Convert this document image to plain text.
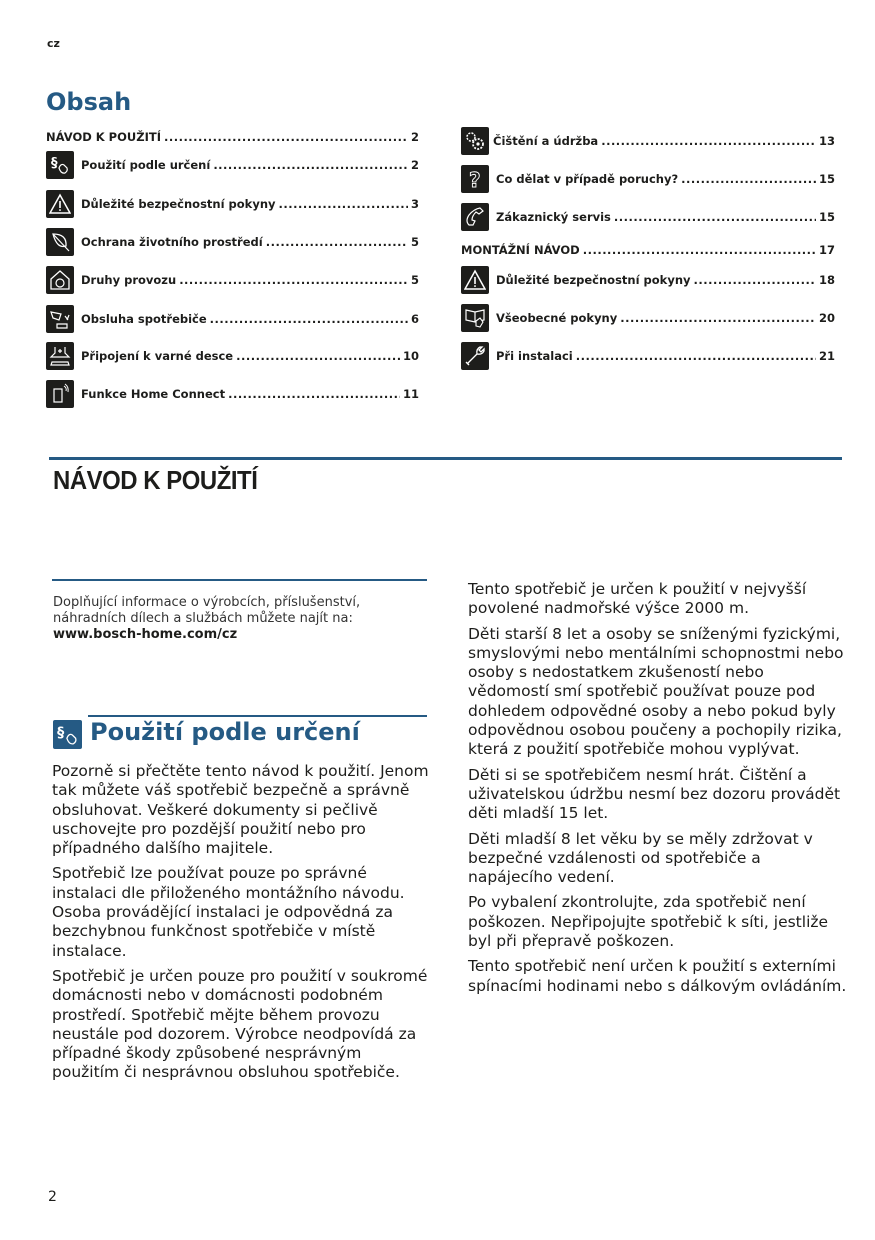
cz
Obsah
NÁVOD K POUŽITÍ .....	2
§ Použití podle určení .....	2
Důležité bezpečnostní pokyny .....	3
Ochrana životního prostředí .....	5
Druhy provozu .....	5
Obsluha spotřebiče .....	6
Připojení k varné desce .....	10
Funkce Home Connect .....	11
Čištění a údržba .....	13
? Co dělat v případě poruchy? .....	15
Zákaznický servis .....	15
MONTÁŽNÍ NÁVOD .....	17
Důležité bezpečnostní pokyny .....	18
Všeobecné pokyny .....	20
Při instalaci .....	21
NÁVOD K POUŽITÍ
Doplňující informace o výrobcích, příslušenství, náhradních dílech a službách můžete najít na: www.bosch-home.com/cz
§ Použití podle určení

Pozorně si přečtěte tento návod k použití. Jenom tak můžete váš spotřebič bezpečně a správně obsluhovat. Veškeré dokumenty si pečlivě uschovejte pro pozdější použití nebo pro případného dalšího majitele.

Spotřebič lze používat pouze po správné instalaci dle přiloženého montážního návodu. Osoba provádějící instalaci je odpovědná za bezchybnou funkčnost spotřebiče v místě instalace.

Spotřebič je určen pouze pro použití v soukromé domácnosti nebo v domácnosti podobném prostředí. Spotřebič mějte během provozu neustále pod dozorem. Výrobce neodpovídá za případné škody způsobené nesprávným použitím či nesprávnou obsluhou spotřebiče.

Tento spotřebič je určen k použití v nejvyšší povolené nadmořské výšce 2000 m.

Děti starší 8 let a osoby se sníženými fyzickými, smyslovými nebo mentálními schopnostmi nebo osoby s nedostatkem zkušeností nebo vědomostí smí spotřebič používat pouze pod dohledem odpovědné osoby a nebo pokud byly odpovědnou osobou poučeny a pochopily rizika, která z použití spotřebiče mohou vyplývat.

Děti si se spotřebičem nesmí hrát. Čištění a uživatelskou údržbu nesmí bez dozoru provádět děti mladší 15 let.

Děti mladší 8 let věku by se měly zdržovat v bezpečné vzdálenosti od spotřebiče a napájecího vedení.

Po vybalení zkontrolujte, zda spotřebič není poškozen. Nepřipojujte spotřebič k síti, jestliže byl při přepravě poškozen.

Tento spotřebič není určen k použití s externími spínacími hodinami nebo s dálkovým ovládáním.

2
